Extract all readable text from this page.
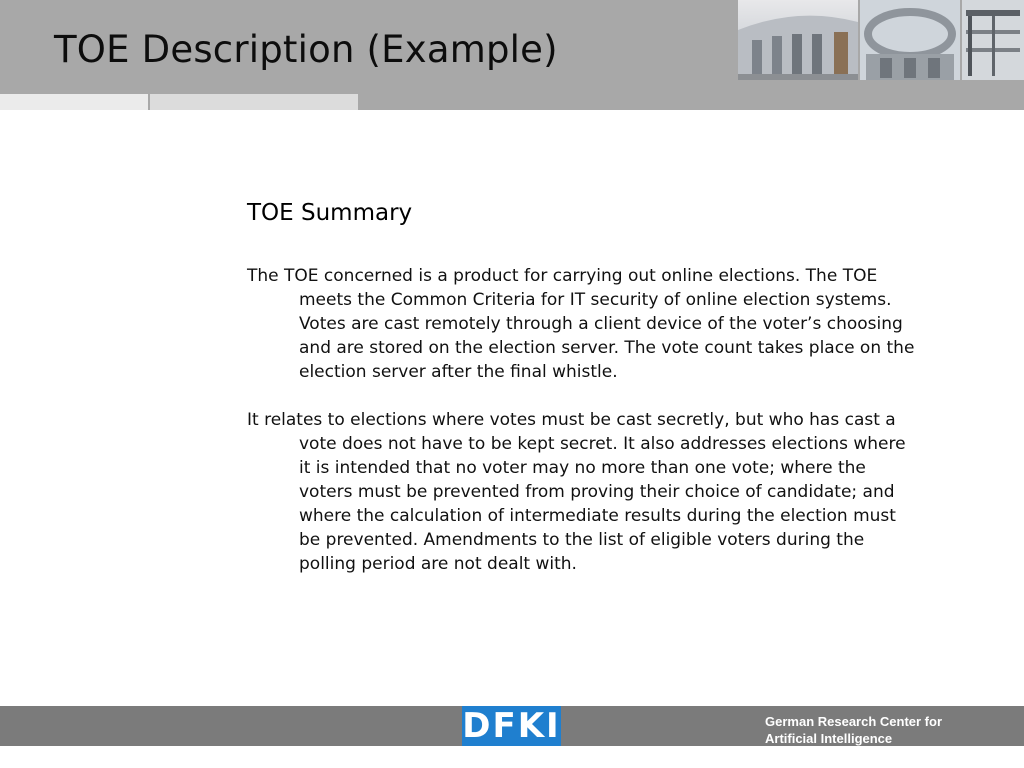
TOE Description (Example)
TOE Summary

The TOE concerned is a product for carrying out online elections. The TOE meets the Common Criteria for IT security of online election systems. Votes are cast remotely through a client device of the voter’s choosing and are stored on the election server. The vote count takes place on the election server after the final whistle.

It relates to elections where votes must be cast secretly, but who has cast a vote does not have to be kept secret. It also addresses elections where it is intended that no voter may no more than one vote; where the voters must be prevented from proving their choice of candidate; and where the calculation of intermediate results during the election must be prevented. Amendments to the list of eligible voters during the polling period are not dealt with.

DFKI	German Research Center for
Artificial Intelligence
